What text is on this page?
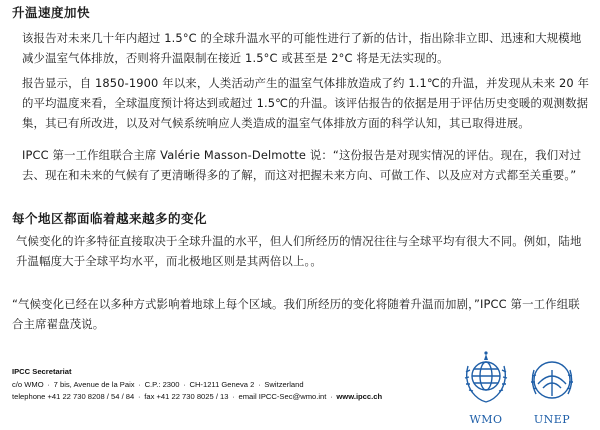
升温速度加快

该报告对未来几十年内超过 1.5°C 的全球升温水平的可能性进行了新的估计，指出除非立即、迅速和大规模地减少温室气体排放，否则将升温限制在接近 1.5°C 或甚至是 2°C 将是无法实现的。

报告显示，自 1850-1900 年以来，人类活动产生的温室气体排放造成了约 1.1℃的升温，并发现从未来 20 年的平均温度来看，全球温度预计将达到或超过 1.5℃的升温。该评估报告的依据是用于评估历史变暖的观测数据集，其已有所改进，以及对气候系统响应人类造成的温室气体排放方面的科学认知，其已取得进展。

IPCC 第一工作组联合主席 Valérie Masson-Delmotte 说：“这份报告是对现实情况的评估。现在，我们对过去、现在和未来的气候有了更清晰得多的了解，而这对把握未来方向、可做工作、以及应对方式都至关重要。”

每个地区都面临着越来越多的变化

气候变化的许多特征直接取决于全球升温的水平，但人们所经历的情况往往与全球平均有很大不同。例如，陆地升温幅度大于全球平均水平，而北极地区则是其两倍以上。。

“气候变化已经在以多种方式影响着地球上每个区域。我们所经历的变化将随着升温而加剧，”IPCC 第一工作组联合主席翟盘茂说。

IPCC Secretariat
c/o WMO · 7 bis, Avenue de la Paix · C.P.: 2300 · CH-1211 Geneva 2 · Switzerland
telephone +41 22 730 8208 / 54 / 84 · fax +41 22 730 8025 / 13 · email IPCC-Sec@wmo.int · www.ipcc.ch
WMO	UNEP
